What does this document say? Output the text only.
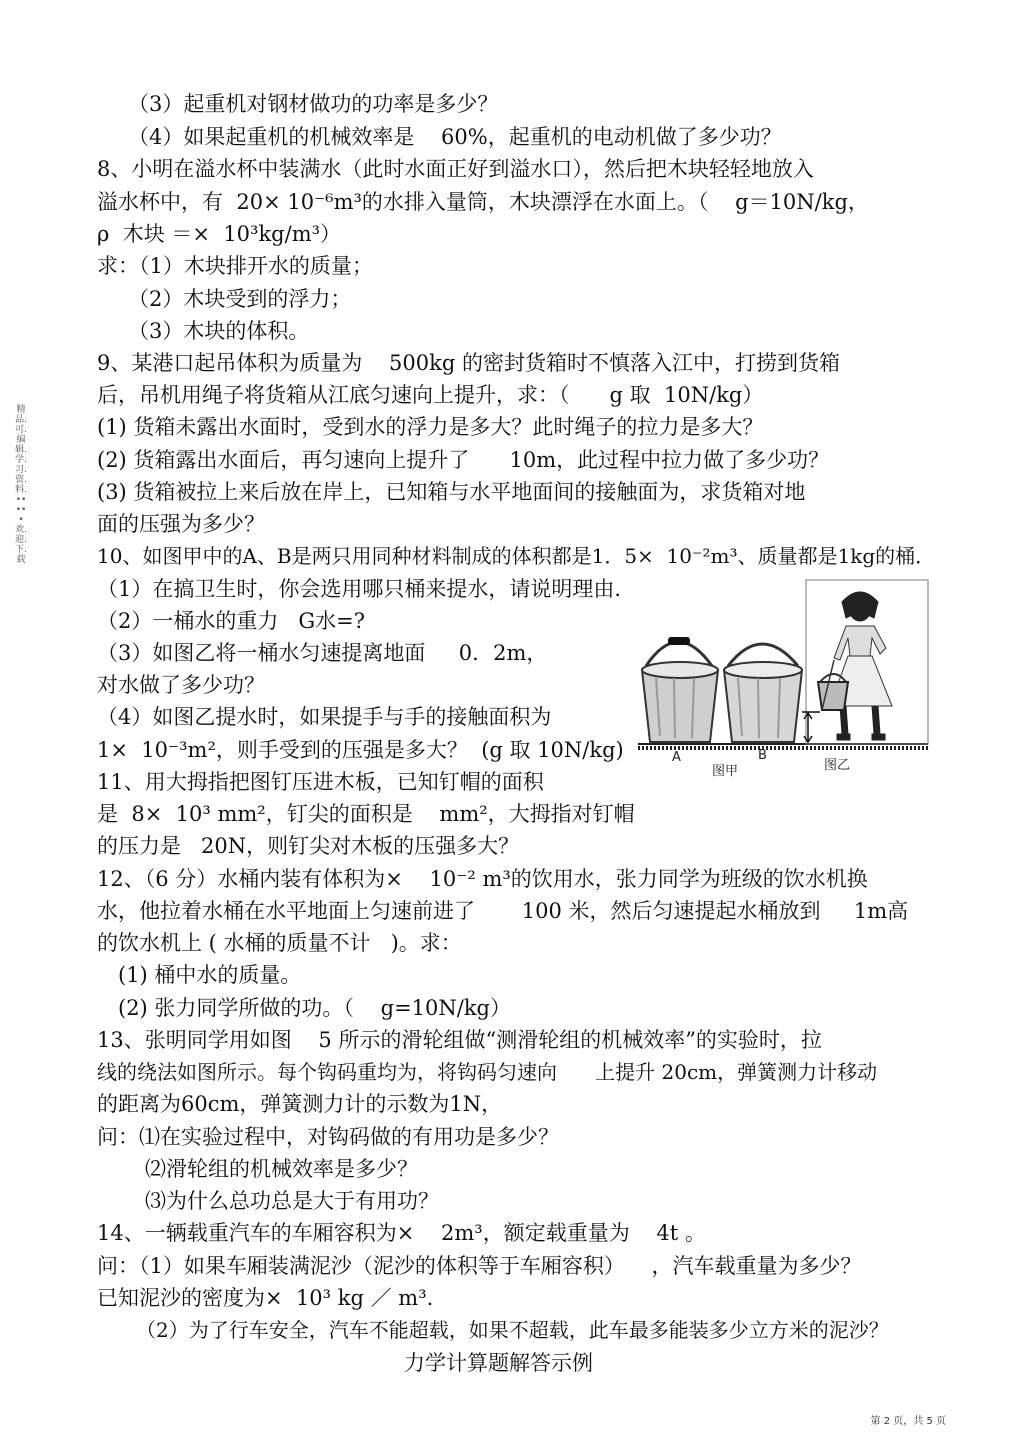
精品.可.编辑.学.习.资.料.•••••欢.迎.下.载
（3）起重机对钢材做功的功率是多少？
（4）如果起重机的机械效率是    60%，起重机的电动机做了多少功？
8、小明在溢水杯中装满水（此时水面正好到溢水口），然后把木块轻轻地放入
溢水杯中，有  20× 10⁻⁶m³的水排入量筒，木块漂浮在水面上。（    g＝10N/kg，
ρ  木块 ＝×  10³kg/m³）
求：（1）木块排开水的质量；
（2）木块受到的浮力；
（3）木块的体积。
9、某港口起吊体积为质量为    500kg 的密封货箱时不慎落入江中，打捞到货箱
后，吊机用绳子将货箱从江底匀速向上提升，求：（      g 取  10N/kg）
(1) 货箱未露出水面时，受到水的浮力是多大？此时绳子的拉力是多大？
(2) 货箱露出水面后，再匀速向上提升了      10m，此过程中拉力做了多少功？
(3) 货箱被拉上来后放在岸上，已知箱与水平地面间的接触面为，求货箱对地
面的压强为多少？
10、如图甲中的A、B是两只用同种材料制成的体积都是1．5×  10⁻²m³、质量都是1kg的桶．
（1）在搞卫生时，你会选用哪只桶来提水，请说明理由．
（2）一桶水的重力   G水=?
（3）如图乙将一桶水匀速提离地面     0．2m，
对水做了多少功？
（4）如图乙提水时，如果提手与手的接触面积为
1×  10⁻³m²，则手受到的压强是多大？  (g 取 10N/kg)
11、用大拇指把图钉压进木板，已知钉帽的面积
是  8×  10³ mm²，钉尖的面积是    mm²，大拇指对钉帽
的压力是   20N，则钉尖对木板的压强多大？
12、（6 分）水桶内装有体积为×    10⁻² m³的饮用水，张力同学为班级的饮水机换
水，他拉着水桶在水平地面上匀速前进了       100 米，然后匀速提起水桶放到     1m高
的饮水机上 ( 水桶的质量不计   )。求：
(1) 桶中水的质量。
(2) 张力同学所做的功。（    g=10N/kg）
13、张明同学用如图    5 所示的滑轮组做“测滑轮组的机械效率”的实验时，拉
线的绕法如图所示。每个钩码重均为，将钩码匀速向      上提升 20cm，弹簧测力计移动
的距离为60cm，弹簧测力计的示数为1N，
问：⑴在实验过程中，对钩码做的有用功是多少？
⑵滑轮组的机械效率是多少？
⑶为什么总功总是大于有用功？
14、一辆载重汽车的车厢容积为×    2m³，额定载重量为    4t 。
问：（1）如果车厢装满泥沙（泥沙的体积等于车厢容积）    ，汽车载重量为多少？
已知泥沙的密度为×  10³ kg ／ m³.
（2）为了行车安全，汽车不能超载，如果不超载，此车最多能装多少立方米的泥沙？
力学计算题解答示例
A	B
图甲	图乙
第 2 页，共 5 页
